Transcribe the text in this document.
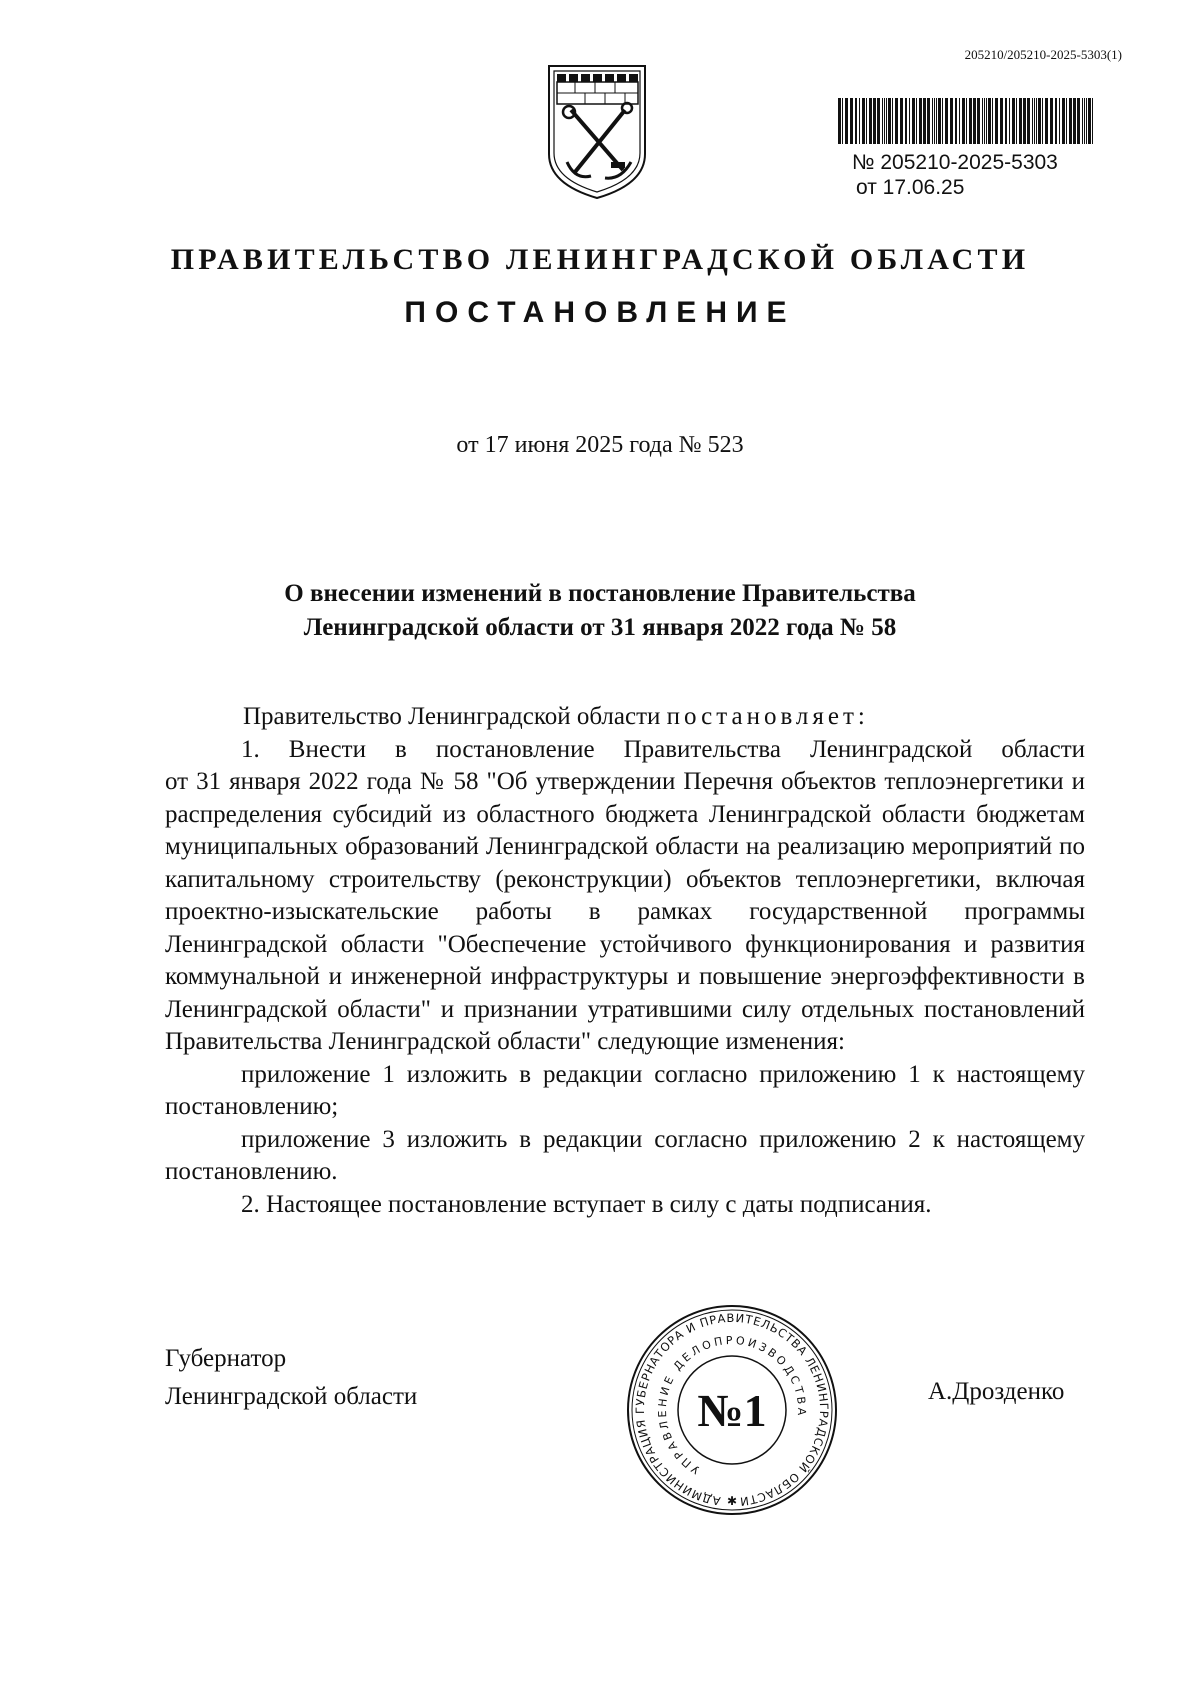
205210/205210-2025-5303(1)
№ 205210-2025-5303
от 17.06.25
ПРАВИТЕЛЬСТВО ЛЕНИНГРАДСКОЙ ОБЛАСТИ
ПОСТАНОВЛЕНИЕ
от 17 июня 2025 года № 523
О внесении изменений в постановление Правительства
Ленинградской области от 31 января 2022 года № 58

Правительство Ленинградской области постановляет:

1. Внести в постановление Правительства Ленинградской области

от 31 января 2022 года № 58 "Об утверждении Перечня объектов теплоэнергетики и распределения субсидий из областного бюджета Ленинградской области бюджетам муниципальных образований Ленинградской области на реализацию мероприятий по капитальному строительству (реконструкции) объектов теплоэнергетики, включая проектно-изыскательские работы в рамках государственной программы Ленинградской области "Обеспечение устойчивого функционирования и развития коммунальной и инженерной инфраструктуры и повышение энергоэффективности в Ленинградской области" и признании утратившими силу отдельных постановлений Правительства Ленинградской области" следующие изменения:

приложение 1 изложить в редакции согласно приложению 1 к настоящему постановлению;

приложение 3 изложить в редакции согласно приложению 2 к настоящему постановлению.

2. Настоящее постановление вступает в силу с даты подписания.

Губернатор
Ленинградской области	А.Дрозденко
АДМИНИСТРАЦИЯ ГУБЕРНАТОРА И ПРАВИТЕЛЬСТВА ЛЕНИНГРАДСКОЙ ОБЛАСТИ
УПРАВЛЕНИЕ ДЕЛОПРОИЗВОДСТВА
№1
✱
